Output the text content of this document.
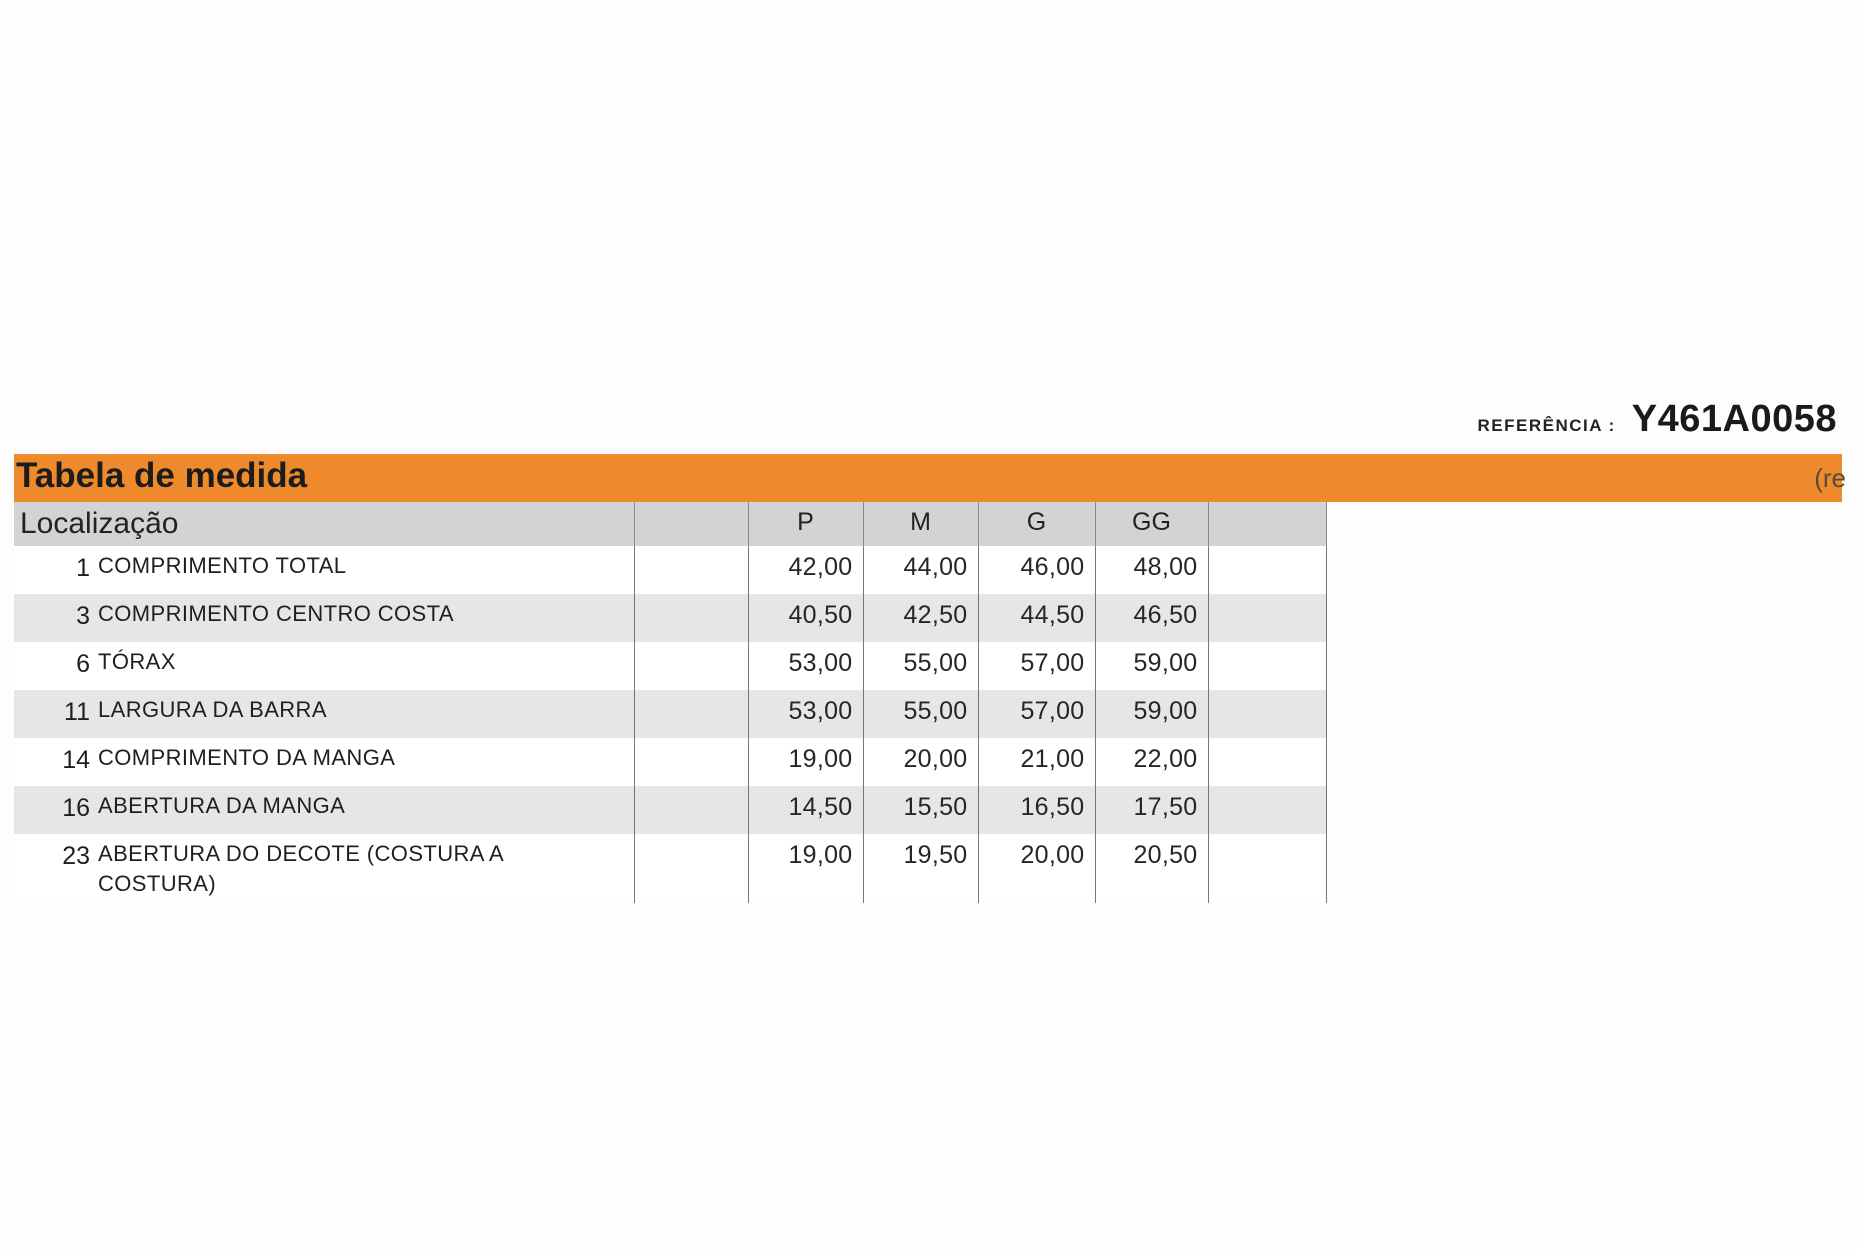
REFERÊNCIA : Y461A0058
Tabela de medida	(re
Localização		P	M	G	GG	

1 COMPRIMENTO TOTAL		42,00	44,00	46,00	48,00	

3 COMPRIMENTO CENTRO COSTA		40,50	42,50	44,50	46,50	

6 TÓRAX		53,00	55,00	57,00	59,00	

11 LARGURA DA BARRA		53,00	55,00	57,00	59,00	

14 COMPRIMENTO DA MANGA		19,00	20,00	21,00	22,00	

16 ABERTURA DA MANGA		14,50	15,50	16,50	17,50	

23 ABERTURA DO DECOTE (COSTURA A COSTURA)		19,00	19,50	20,00	20,50	
